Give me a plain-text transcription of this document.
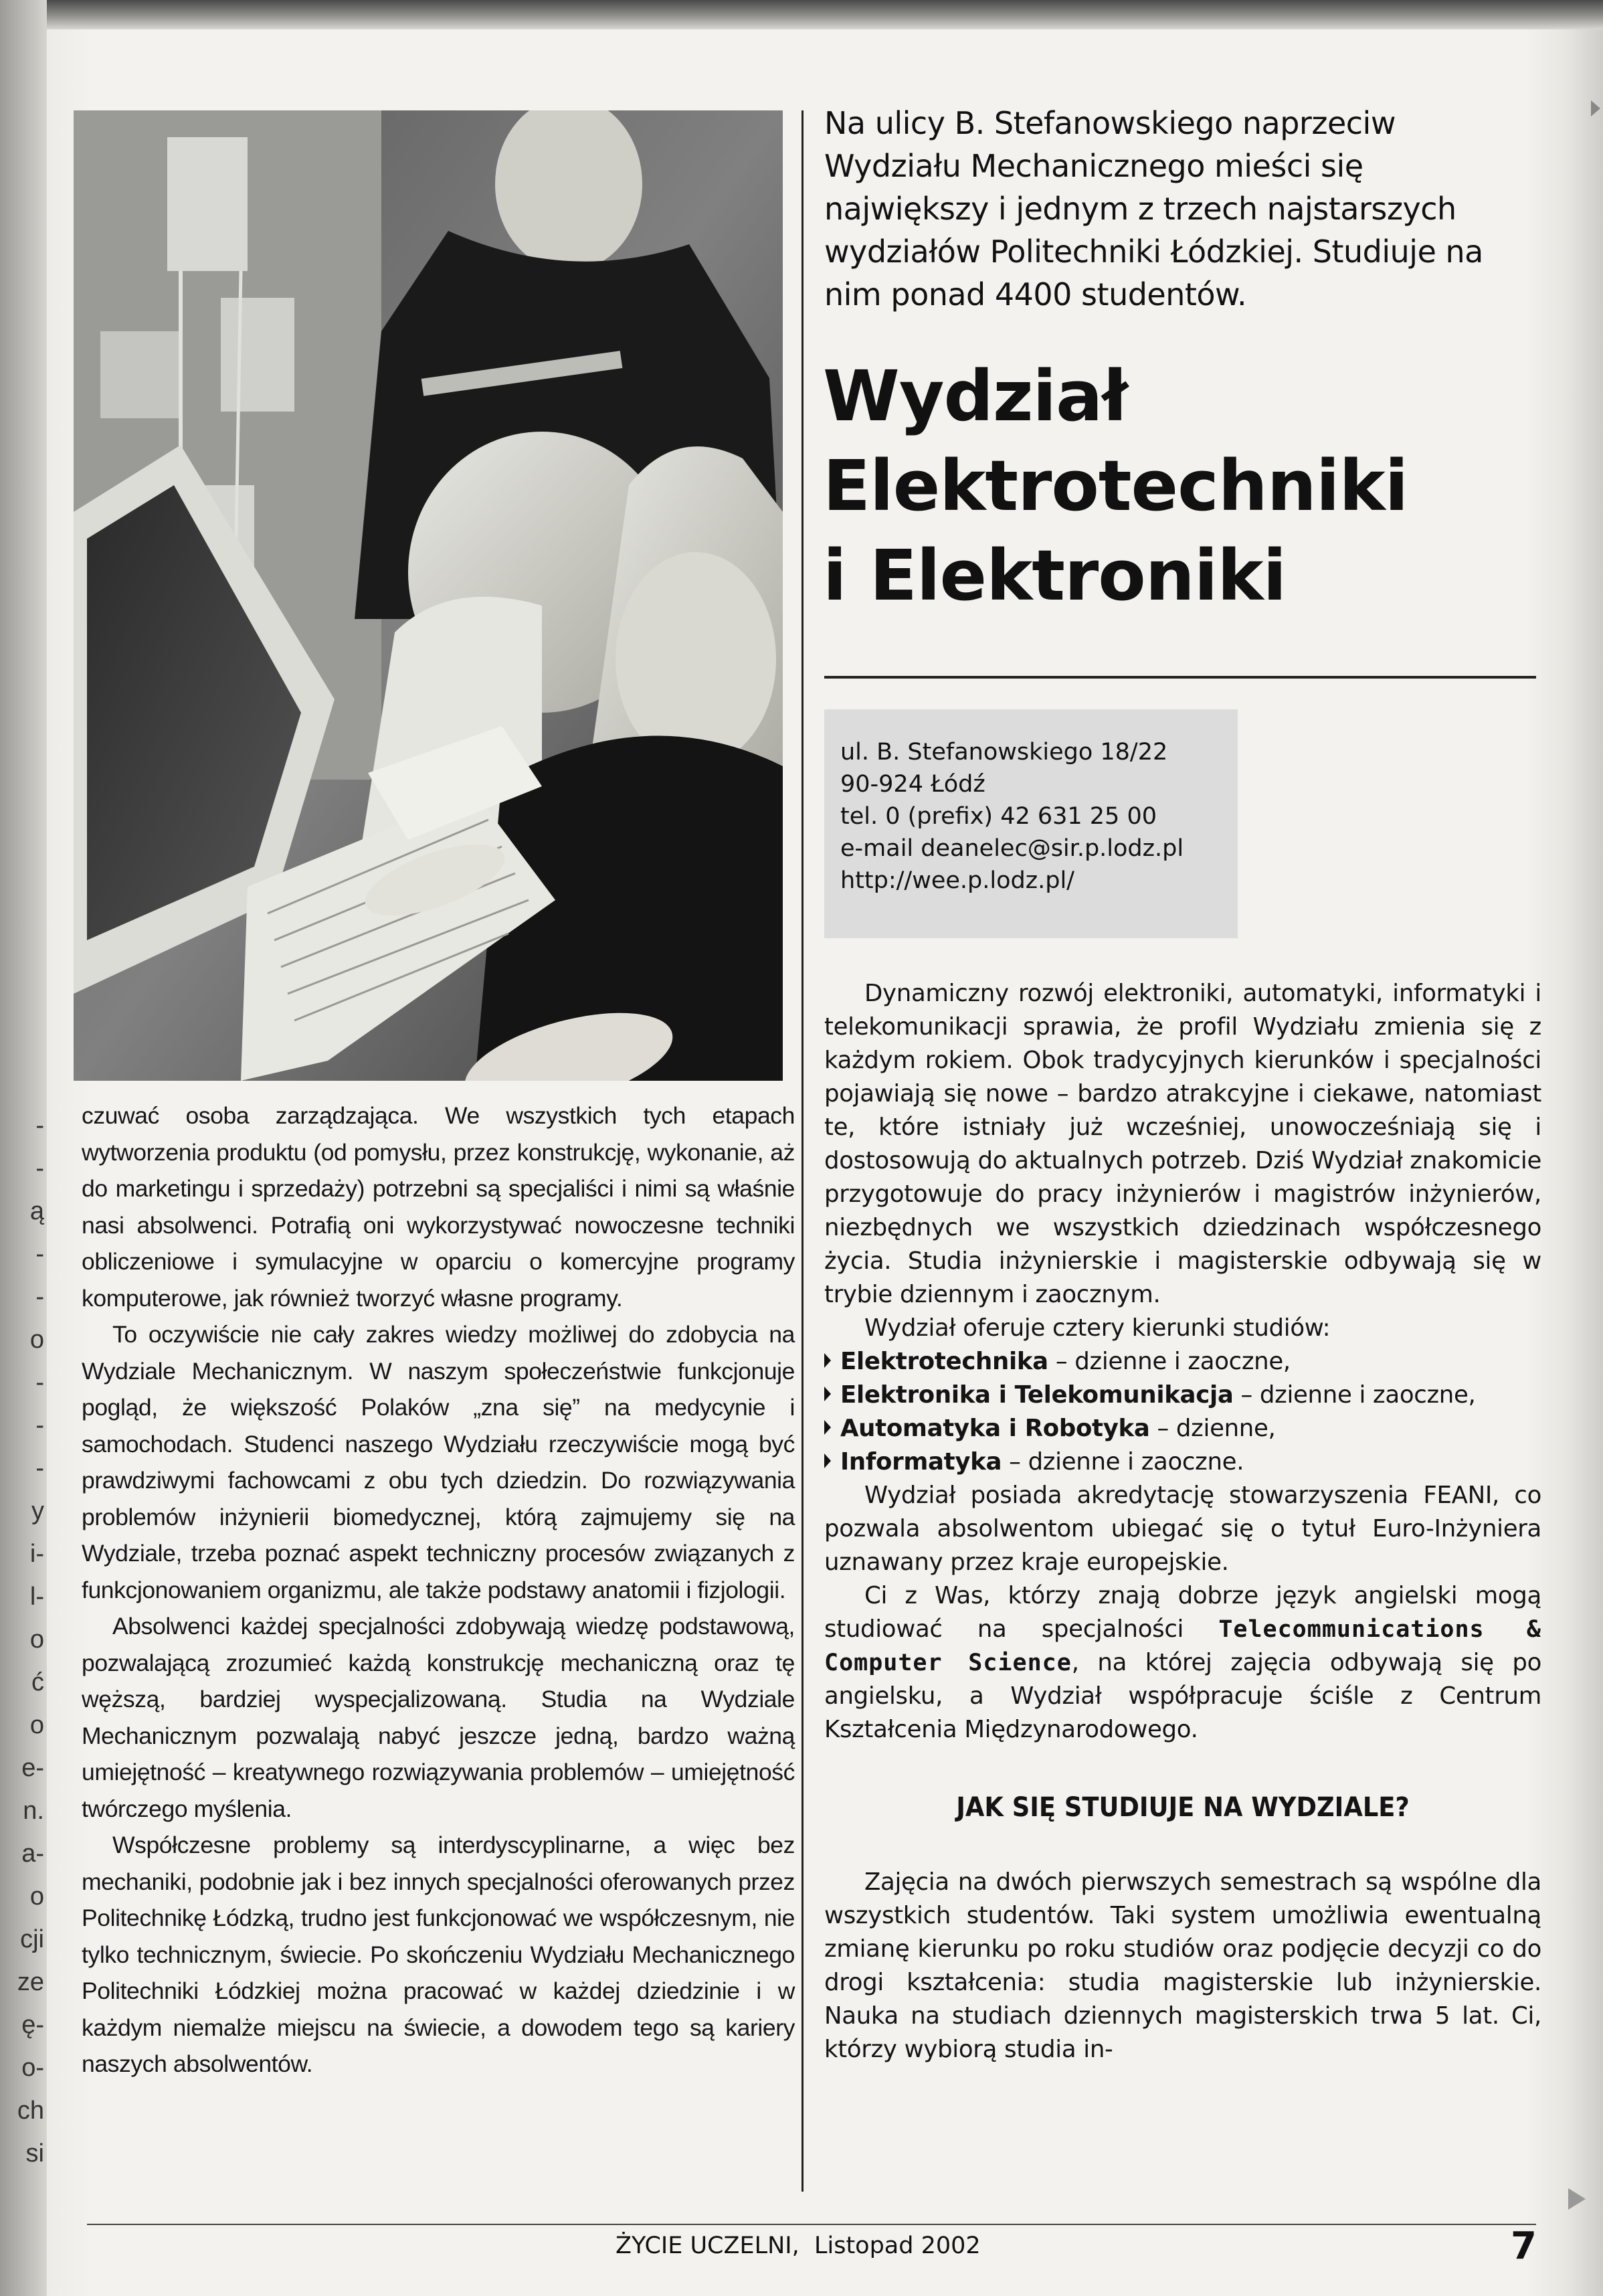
-
-
ą
-
-
o
-
-
-
y
i-
l-
o
ć
o
e-
n.
a-
o
cji
ze
ę-
o-
ch
si

czuwać osoba zarządzająca. We wszystkich tych etapach wytworzenia produktu (od pomysłu, przez konstrukcję, wykonanie, aż do marketingu i sprzedaży) potrzebni są specjaliści i nimi są właśnie nasi absolwenci. Potrafią oni wykorzystywać nowoczesne techniki obliczeniowe i symulacyjne w oparciu o komercyjne programy komputerowe, jak również tworzyć własne programy.

To oczywiście nie cały zakres wiedzy możliwej do zdobycia na Wydziale Mechanicznym. W naszym społeczeństwie funkcjonuje pogląd, że większość Polaków „zna się” na medycynie i samochodach. Studenci naszego Wydziału rzeczywiście mogą być prawdziwymi fachowcami z obu tych dziedzin. Do rozwiązywania problemów inżynierii biomedycznej, którą zajmujemy się na Wydziale, trzeba poznać aspekt techniczny procesów związanych z funkcjonowaniem organizmu, ale także podstawy anatomii i fizjologii.

Absolwenci każdej specjalności zdobywają wiedzę podstawową, pozwalającą zrozumieć każdą konstrukcję mechaniczną oraz tę węższą, bardziej wyspecjalizowaną. Studia na Wydziale Mechanicznym pozwalają nabyć jeszcze jedną, bardzo ważną umiejętność – kreatywnego rozwiązywania problemów – umiejętność twórczego myślenia.

Współczesne problemy są interdyscyplinarne, a więc bez mechaniki, podobnie jak i bez innych specjalności oferowanych przez Politechnikę Łódzką, trudno jest funkcjonować we współczesnym, nie tylko technicznym, świecie. Po skończeniu Wydziału Mechanicznego Politechniki Łódzkiej można pracować w każdej dziedzinie i w każdym niemalże miejscu na świecie, a dowodem tego są kariery naszych absolwentów.

Na ulicy B. Stefanowskiego naprzeciw Wydziału Mechanicznego mieści się największy i jednym z trzech najstarszych wydziałów Politechniki Łódzkiej. Studiuje na nim ponad 4400 studentów.

Wydział
Elektrotechniki
i Elektroniki
ul. B. Stefanowskiego 18/22
90-924 Łódź
tel. 0 (prefix) 42 631 25 00
e-mail deanelec@sir.p.lodz.pl
http://wee.p.lodz.pl/

Dynamiczny rozwój elektroniki, automatyki, informatyki i telekomunikacji sprawia, że profil Wydziału zmienia się z każdym rokiem. Obok tradycyjnych kierunków i specjalności pojawiają się nowe – bardzo atrakcyjne i ciekawe, natomiast te, które istniały już wcześniej, unowocześniają się i dostosowują do aktualnych potrzeb. Dziś Wydział znakomicie przygotowuje do pracy inżynierów i magistrów inżynierów, niezbędnych we wszystkich dziedzinach współczesnego życia. Studia inżynierskie i magisterskie odbywają się w trybie dziennym i zaocznym.

Wydział oferuje cztery kierunki studiów:

Elektrotechnika – dzienne i zaoczne,
Elektronika i Telekomunikacja – dzienne i zaoczne,
Automatyka i Robotyka – dzienne,
Informatyka – dzienne i zaoczne.

Wydział posiada akredytację stowarzyszenia FEANI, co pozwala absolwentom ubiegać się o tytuł Euro-Inżyniera uznawany przez kraje europejskie.

Ci z Was, którzy znają dobrze język angielski mogą studiować na specjalności Telecommunications & Computer Science, na której zajęcia odbywają się po angielsku, a Wydział współpracuje ściśle z Centrum Kształcenia Międzynarodowego.

JAK SIĘ STUDIUJE NA WYDZIALE?

Zajęcia na dwóch pierwszych semestrach są wspólne dla wszystkich studentów. Taki system umożliwia ewentualną zmianę kierunku po roku studiów oraz podjęcie decyzji co do drogi kształcenia: studia magisterskie lub inżynierskie. Nauka na studiach dziennych magisterskich trwa 5 lat. Ci, którzy wybiorą studia in-

ŻYCIE UCZELNI, Listopad 2002	7
